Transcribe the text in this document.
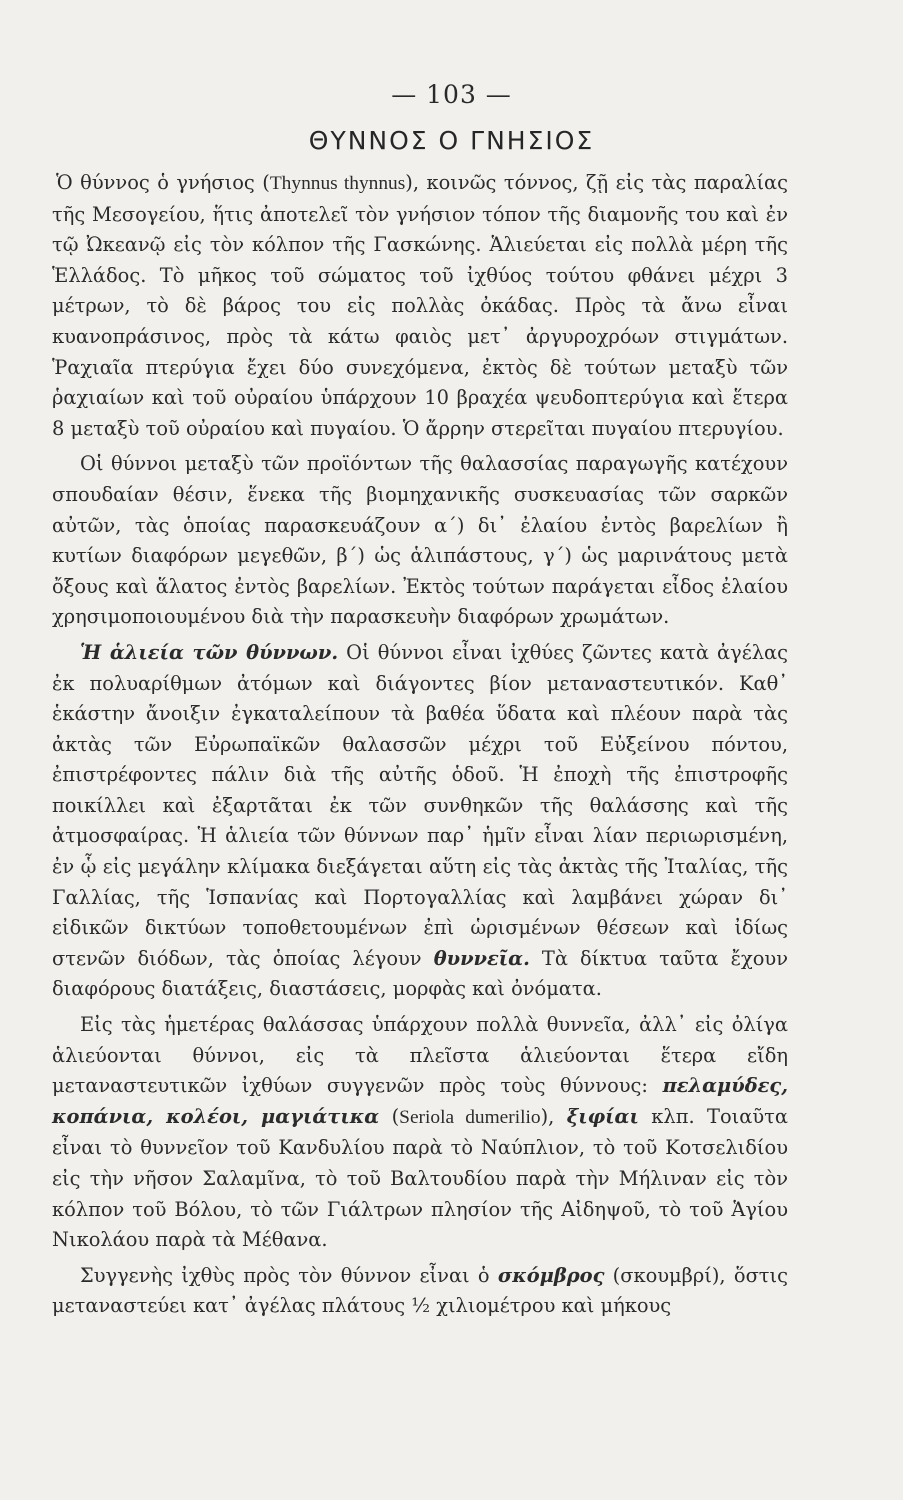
— 103 —
ΘΥΝΝΟΣ Ο ΓΝΗΣΙΟΣ

Ὁ θύννος ὁ γνήσιος (Thynnus thynnus), κοινῶς τόννος, ζῇ εἰς τὰς παραλίας τῆς Μεσογείου, ἥτις ἀποτελεῖ τὸν γνήσιον τόπον τῆς διαμονῆς του καὶ ἐν τῷ Ὠκεανῷ εἰς τὸν κόλπον τῆς Γασκώνης. Ἁλιεύεται εἰς πολλὰ μέρη τῆς Ἑλλάδος. Τὸ μῆκος τοῦ σώματος τοῦ ἰχθύος τούτου φθάνει μέχρι 3 μέτρων, τὸ δὲ βάρος του εἰς πολλὰς ὀκάδας. Πρὸς τὰ ἄνω εἶναι κυανοπράσινος, πρὸς τὰ κάτω φαιὸς μετ᾽ ἀργυροχρόων στιγμάτων. Ῥαχιαῖα πτερύγια ἔχει δύο συνεχόμενα, ἐκτὸς δὲ τούτων μεταξὺ τῶν ῥαχιαίων καὶ τοῦ οὐραίου ὑπάρχουν 10 βραχέα ψευδοπτερύγια καὶ ἕτερα 8 μεταξὺ τοῦ οὐραίου καὶ πυγαίου. Ὁ ἄρρην στερεῖται πυγαίου πτερυγίου.

Οἱ θύννοι μεταξὺ τῶν προϊόντων τῆς θαλασσίας παραγωγῆς κατέχουν σπουδαίαν θέσιν, ἕνεκα τῆς βιομηχανικῆς συσκευασίας τῶν σαρκῶν αὐτῶν, τὰς ὁποίας παρασκευάζουν α΄) δι᾽ ἐλαίου ἐντὸς βαρελίων ἢ κυτίων διαφόρων μεγεθῶν, β΄) ὡς ἁλιπάστους, γ΄) ὡς μαρινάτους μετὰ ὄξους καὶ ἅλατος ἐντὸς βαρελίων. Ἐκτὸς τούτων παράγεται εἶδος ἐλαίου χρησιμοποιουμένου διὰ τὴν παρασκευὴν διαφόρων χρωμάτων.

Ἡ ἁλιεία τῶν θύννων. Οἱ θύννοι εἶναι ἰχθύες ζῶντες κατὰ ἀγέλας ἐκ πολυαρίθμων ἀτόμων καὶ διάγοντες βίον μεταναστευτικόν. Καθ᾽ ἑκάστην ἄνοιξιν ἐγκαταλείπουν τὰ βαθέα ὕδατα καὶ πλέουν παρὰ τὰς ἀκτὰς τῶν Εὐρωπαϊκῶν θαλασσῶν μέχρι τοῦ Εὐξείνου πόντου, ἐπιστρέφοντες πάλιν διὰ τῆς αὐτῆς ὁδοῦ. Ἡ ἐποχὴ τῆς ἐπιστροφῆς ποικίλλει καὶ ἐξαρτᾶται ἐκ τῶν συνθηκῶν τῆς θαλάσσης καὶ τῆς ἀτμοσφαίρας. Ἡ ἁλιεία τῶν θύννων παρ᾽ ἡμῖν εἶναι λίαν περιωρισμένη, ἐν ᾧ εἰς μεγάλην κλίμακα διεξάγεται αὕτη εἰς τὰς ἀκτὰς τῆς Ἰταλίας, τῆς Γαλλίας, τῆς Ἱσπανίας καὶ Πορτογαλλίας καὶ λαμβάνει χώραν δι᾽ εἰδικῶν δικτύων τοποθετουμένων ἐπὶ ὡρισμένων θέσεων καὶ ἰδίως στενῶν διόδων, τὰς ὁποίας λέγουν θυννεῖα. Τὰ δίκτυα ταῦτα ἔχουν διαφόρους διατάξεις, διαστάσεις, μορφὰς καὶ ὀνόματα.

Εἰς τὰς ἡμετέρας θαλάσσας ὑπάρχουν πολλὰ θυννεῖα, ἀλλ᾽ εἰς ὀλίγα ἁλιεύονται θύννοι, εἰς τὰ πλεῖστα ἁλιεύονται ἕτερα εἴδη μεταναστευτικῶν ἰχθύων συγγενῶν πρὸς τοὺς θύννους: πελαμύδες, κοπάνια, κολέοι, μαγιάτικα (Seriola dumerilio), ξιφίαι κλπ. Τοιαῦτα εἶναι τὸ θυννεῖον τοῦ Κανδυλίου παρὰ τὸ Ναύπλιον, τὸ τοῦ Κοτσελιδίου εἰς τὴν νῆσον Σαλαμῖνα, τὸ τοῦ Βαλτουδίου παρὰ τὴν Μήλιναν εἰς τὸν κόλπον τοῦ Βόλου, τὸ τῶν Γιάλτρων πλησίον τῆς Αἰδηψοῦ, τὸ τοῦ Ἁγίου Νικολάου παρὰ τὰ Μέθανα.

Συγγενὴς ἰχθὺς πρὸς τὸν θύννον εἶναι ὁ σκόμβρος (σκουμβρί), ὅστις μεταναστεύει κατ᾽ ἀγέλας πλάτους ½ χιλιομέτρου καὶ μήκους
